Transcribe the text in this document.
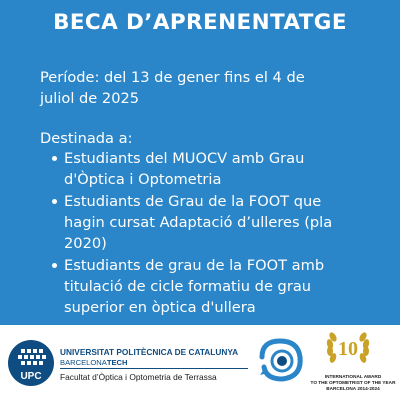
BECA D’APRENENTATGE
Període: del 13 de gener fins el 4 de
juliol de 2025
Destinada a:
Estudiants del MUOCV amb Grau
d'Òptica i Optometria
Estudiants de Grau de la FOOT que
hagin cursat Adaptació d’ulleres (pla
2020)
Estudiants de grau de la FOOT amb
titulació de cicle formatiu de grau
superior en òptica d'ullera
UPC
UNIVERSITAT POLITÈCNICA DE CATALUNYA
BARCELONATECH
Facultat d’Òptica i Optometria de Terrassa
10
INTERNATIONAL AWARD
TO THE OPTOMETRIST OF THE YEAR
BARCELONA 2014-2024
